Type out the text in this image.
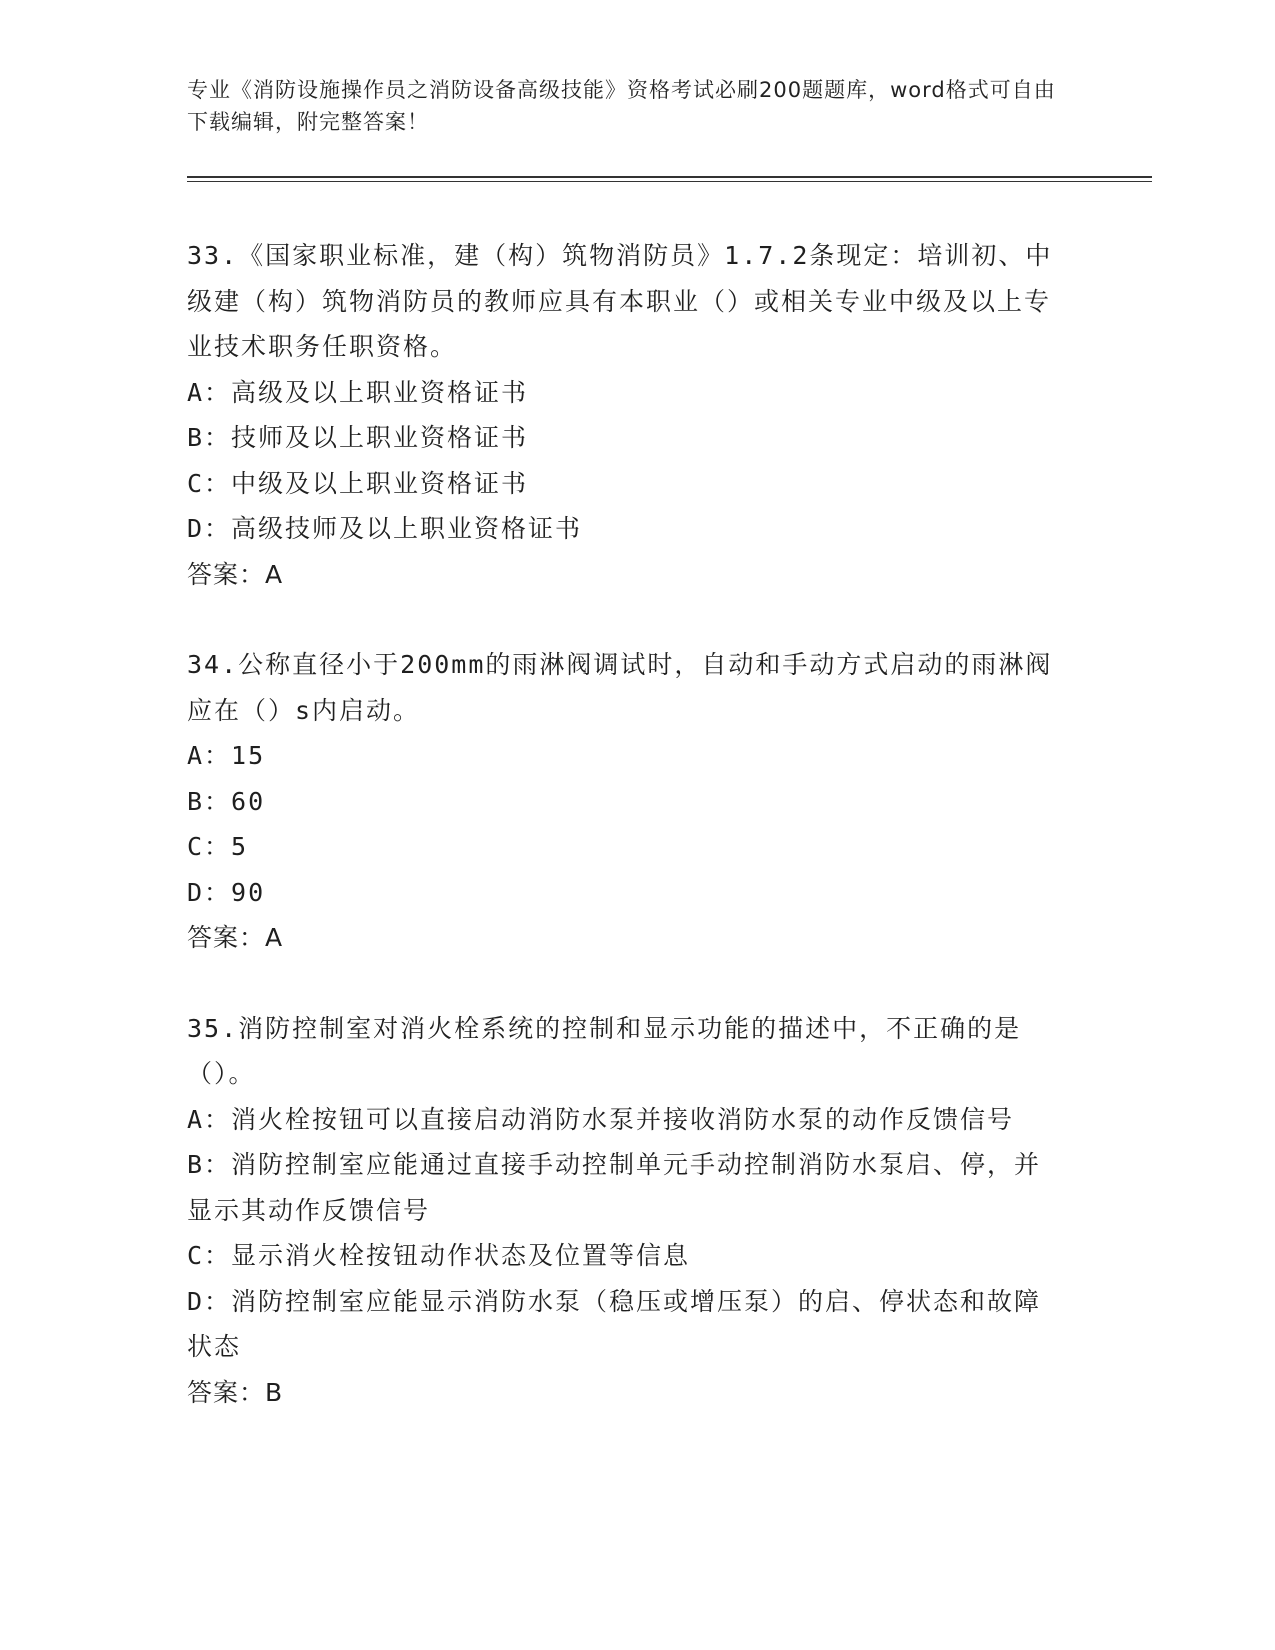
专业《消防设施操作员之消防设备高级技能》资格考试必刷200题题库，word格式可自由下载编辑，附完整答案！
33.《国家职业标准，建（构）筑物消防员》1.7.2条现定：培训初、中级建（构）筑物消防员的教师应具有本职业（）或相关专业中级及以上专业技术职务任职资格。
A：高级及以上职业资格证书
B：技师及以上职业资格证书
C：中级及以上职业资格证书
D：高级技师及以上职业资格证书
答案：A
34.公称直径小于200mm的雨淋阀调试时，自动和手动方式启动的雨淋阀应在（）s内启动。
A：15
B：60
C：5
D：90
答案：A
35.消防控制室对消火栓系统的控制和显示功能的描述中，不正确的是（）。
A：消火栓按钮可以直接启动消防水泵并接收消防水泵的动作反馈信号
B：消防控制室应能通过直接手动控制单元手动控制消防水泵启、停，并显示其动作反馈信号
C：显示消火栓按钮动作状态及位置等信息
D：消防控制室应能显示消防水泵（稳压或增压泵）的启、停状态和故障状态
答案：B
